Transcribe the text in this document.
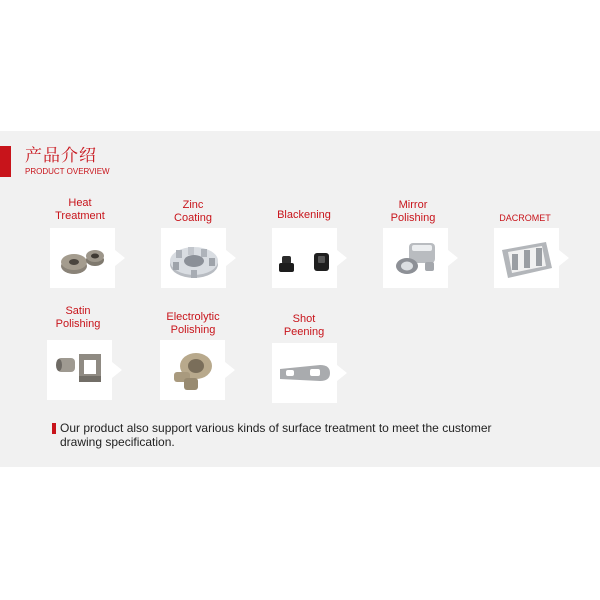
产品介绍
PRODUCT OVERVIEW
Heat
Treatment
Zinc
Coating	Blackening
Mirror
Polishing	DACROMET
Satin
Polishing
Electrolytic
Polishing
Shot
Peening
Our product also support various kinds of surface treatment to meet the customer drawing specification.
